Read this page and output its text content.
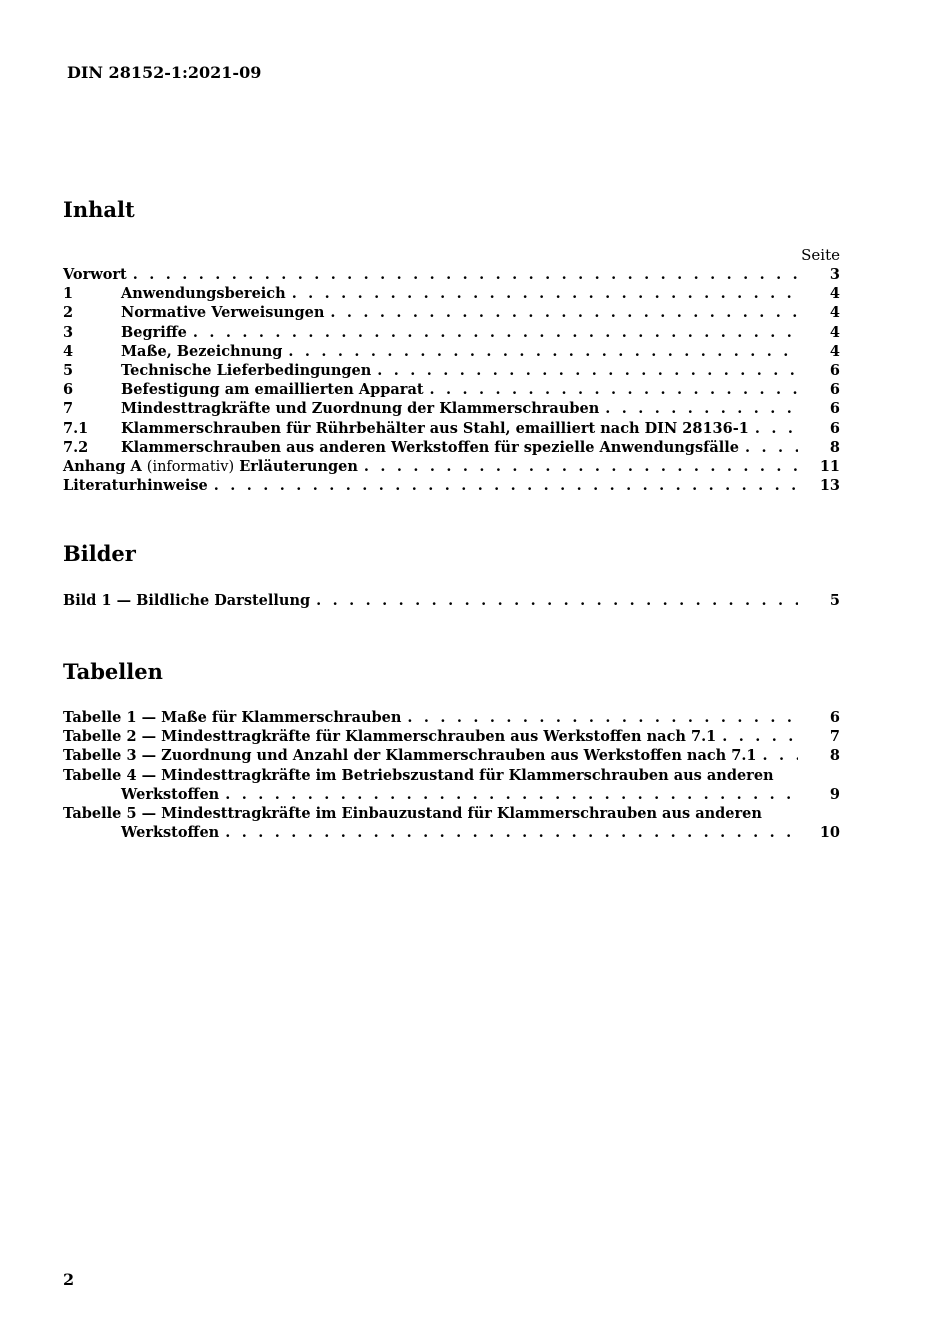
DIN 28152-1:2021-09
Inhalt
Seite
Vorwort . . .	3
1	Anwendungsbereich . . .	4
2	Normative Verweisungen . . .	4
3	Begriffe . . .	4
4	Maße, Bezeichnung . . .	4
5	Technische Lieferbedingungen . . .	6
6	Befestigung am emaillierten Apparat . . .	6
7	Mindesttragkräfte und Zuordnung der Klammerschrauben . . .	6
7.1	Klammerschrauben für Rührbehälter aus Stahl, emailliert nach DIN 28136-1 . . .	6
7.2	Klammerschrauben aus anderen Werkstoffen für spezielle Anwendungsfälle . . .	8
Anhang A (informativ) Erläuterungen . . .	11
Literaturhinweise . . .	13
Bilder
Bild 1 — Bildliche Darstellung . . .	5
Tabellen
Tabelle 1 — Maße für Klammerschrauben . . .	6
Tabelle 2 — Mindesttragkräfte für Klammerschrauben aus Werkstoffen nach 7.1 . . .	7
Tabelle 3 — Zuordnung und Anzahl der Klammerschrauben aus Werkstoffen nach 7.1 . . .	8
Tabelle 4 — Mindesttragkräfte im Betriebszustand für Klammerschrauben aus anderen
Werkstoffen . . .	9
Tabelle 5 — Mindesttragkräfte im Einbauzustand für Klammerschrauben aus anderen
Werkstoffen . . .	10
2
